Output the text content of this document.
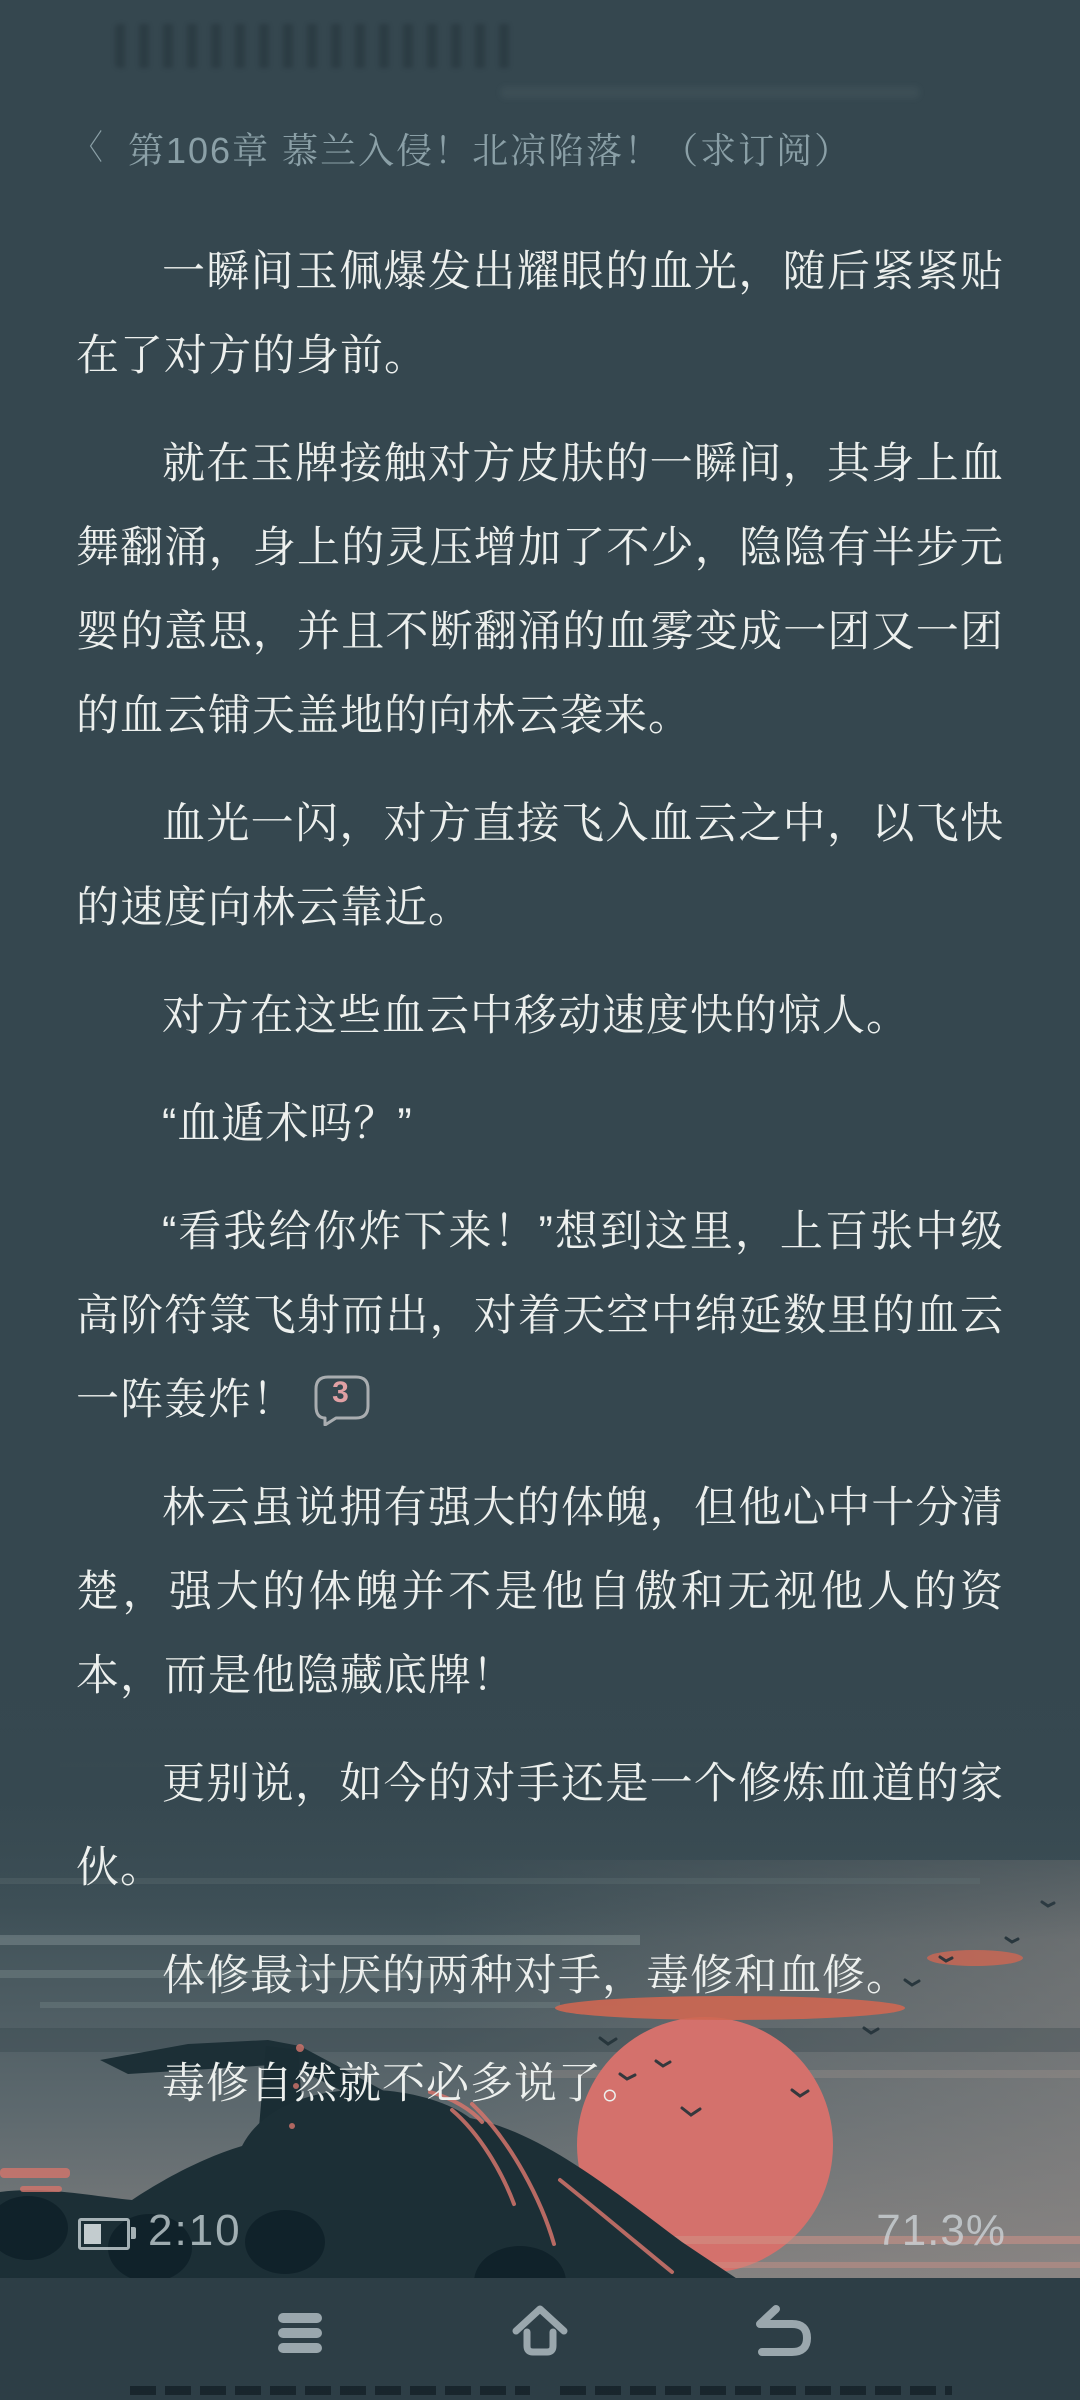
〈 第106章 慕兰入侵！北凉陷落！（求订阅）

一瞬间玉佩爆发出耀眼的血光，随后紧紧贴在了对方的身前。

就在玉牌接触对方皮肤的一瞬间，其身上血舞翻涌，身上的灵压增加了不少，隐隐有半步元婴的意思，并且不断翻涌的血雾变成一团又一团的血云铺天盖地的向林云袭来。

血光一闪，对方直接飞入血云之中，以飞快的速度向林云靠近。

对方在这些血云中移动速度快的惊人。

“血遁术吗？”

“看我给你炸下来！”想到这里，上百张中级高阶符箓飞射而出，对着天空中绵延数里的血云一阵轰炸！	3

林云虽说拥有强大的体魄，但他心中十分清楚，强大的体魄并不是他自傲和无视他人的资本，而是他隐藏底牌！

更别说，如今的对手还是一个修炼血道的家伙。

体修最讨厌的两种对手，毒修和血修。

毒修自然就不必多说了。

2:10	71.3%
